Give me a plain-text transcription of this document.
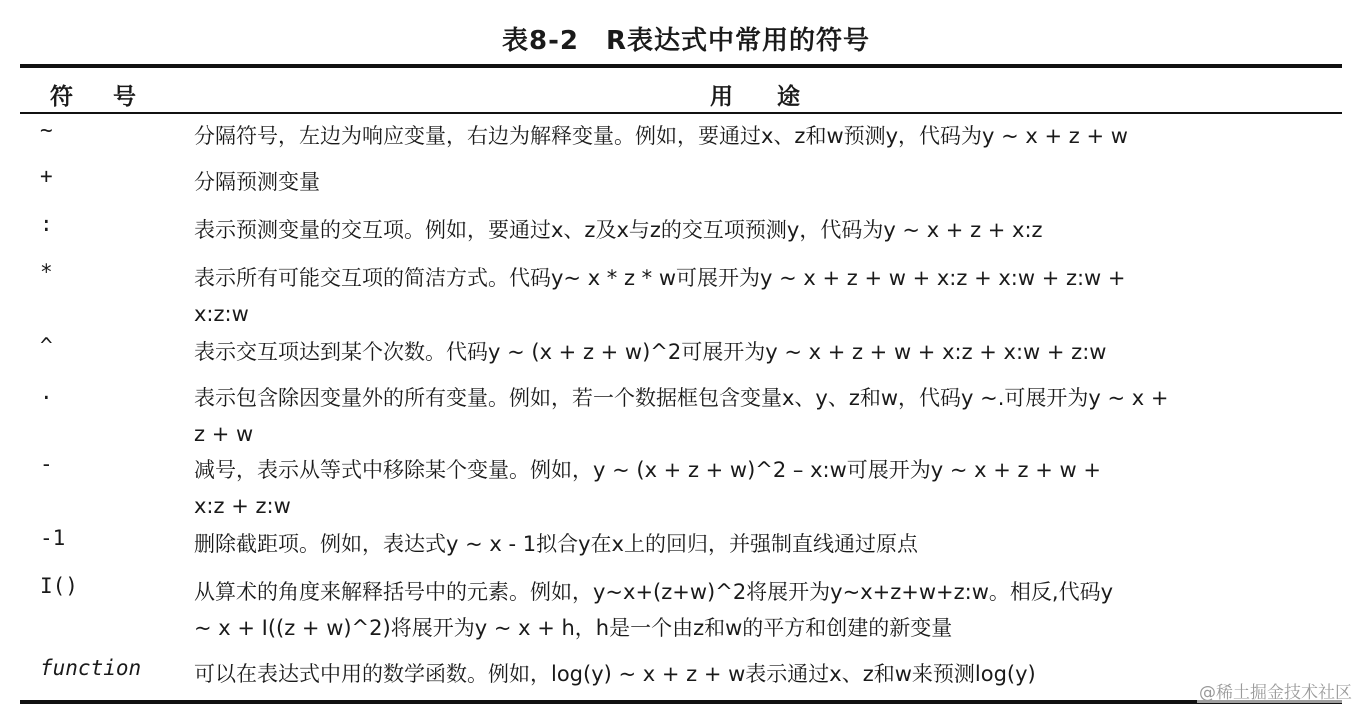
表8-2　R表达式中常用的符号
符号	用途
~	分隔符号，左边为响应变量，右边为解释变量。例如，要通过x、z和w预测y，代码为y ~ x + z + w
+	分隔预测变量
:	表示预测变量的交互项。例如，要通过x、z及x与z的交互项预测y，代码为y ~ x + z + x:z
*	表示所有可能交互项的简洁方式。代码y~ x * z * w可展开为y ~ x + z + w + x:z + x:w + z:w +
x:z:w
^	表示交互项达到某个次数。代码y ~ (x + z + w)^2可展开为y ~ x + z + w + x:z + x:w + z:w
.	表示包含除因变量外的所有变量。例如，若一个数据框包含变量x、y、z和w，代码y ~.可展开为y ~ x +
z + w
-	减号，表示从等式中移除某个变量。例如，y ~ (x + z + w)^2 – x:w可展开为y ~ x + z + w +
x:z + z:w
-1	删除截距项。例如，表达式y ~ x - 1拟合y在x上的回归，并强制直线通过原点
I()	从算术的角度来解释括号中的元素。例如，y~x+(z+w)^2将展开为y~x+z+w+z:w。相反,代码y
~ x + I((z + w)^2)将展开为y ~ x + h，h是一个由z和w的平方和创建的新变量
function	可以在表达式中用的数学函数。例如，log(y) ~ x + z + w表示通过x、z和w来预测log(y)
@稀土掘金技术社区
